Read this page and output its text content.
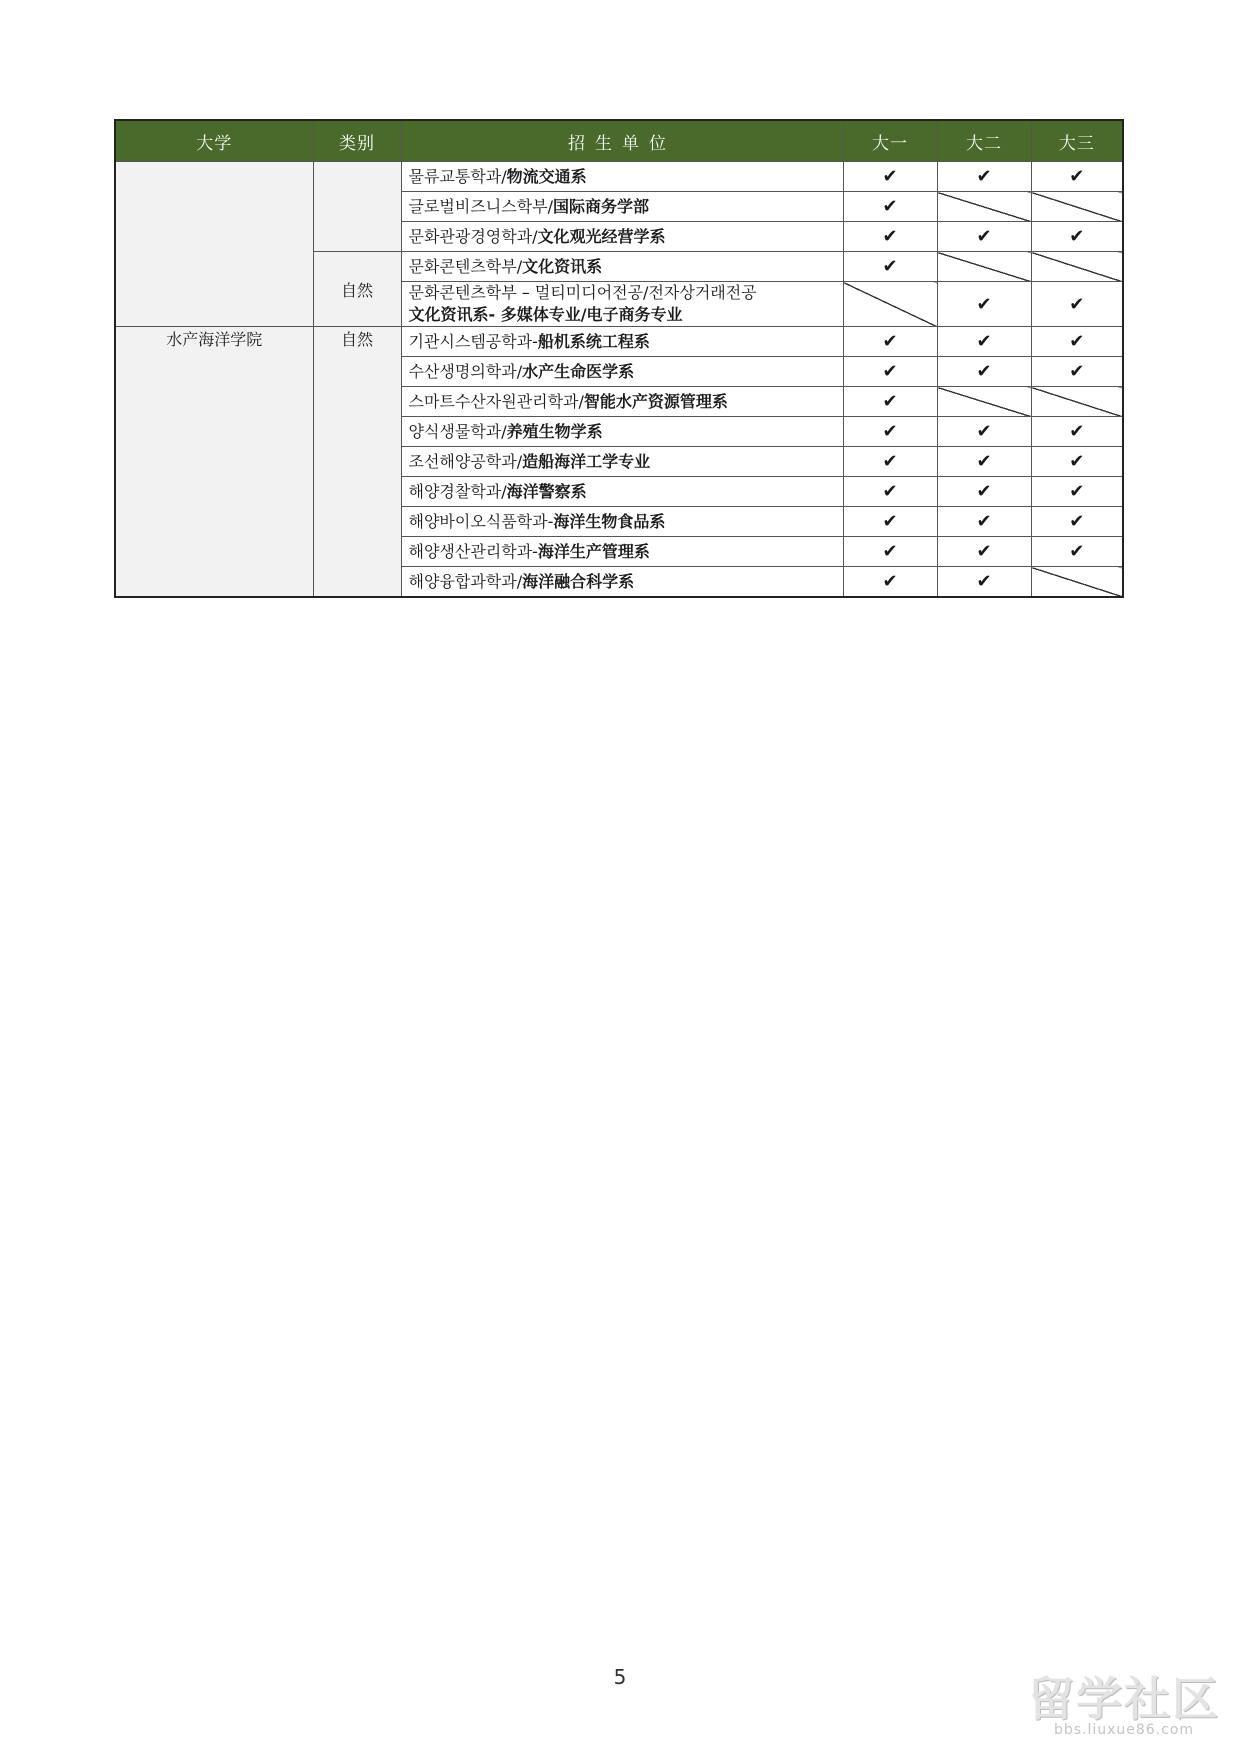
大学	类别	招生单位	大一	大二	大三
		물류교통학과/物流交通系	✔	✔	✔
		글로벌비즈니스학부/国际商务学部	✔		
		문화관광경영학과/文化观光经营学系	✔	✔	✔
	自然	문화콘텐츠학부/文化资讯系	✔		
		문화콘텐츠학부 – 멀티미디어전공/전자상거래전공
文化资讯系- 多媒体专业/电子商务专业		✔	✔
水产海洋学院	自然	기관시스템공학과-船机系统工程系	✔	✔	✔
		수산생명의학과/水产生命医学系	✔	✔	✔
		스마트수산자원관리학과/智能水产资源管理系	✔		
		양식생물학과/养殖生物学系	✔	✔	✔
		조선해양공학과/造船海洋工学专业	✔	✔	✔
		해양경찰학과/海洋警察系	✔	✔	✔
		해양바이오식품학과-海洋生物食品系	✔	✔	✔
		해양생산관리학과-海洋生产管理系	✔	✔	✔
		해양융합과학과/海洋融合科学系	✔	✔	
5	留学社区
bbs.liuxue86.com
